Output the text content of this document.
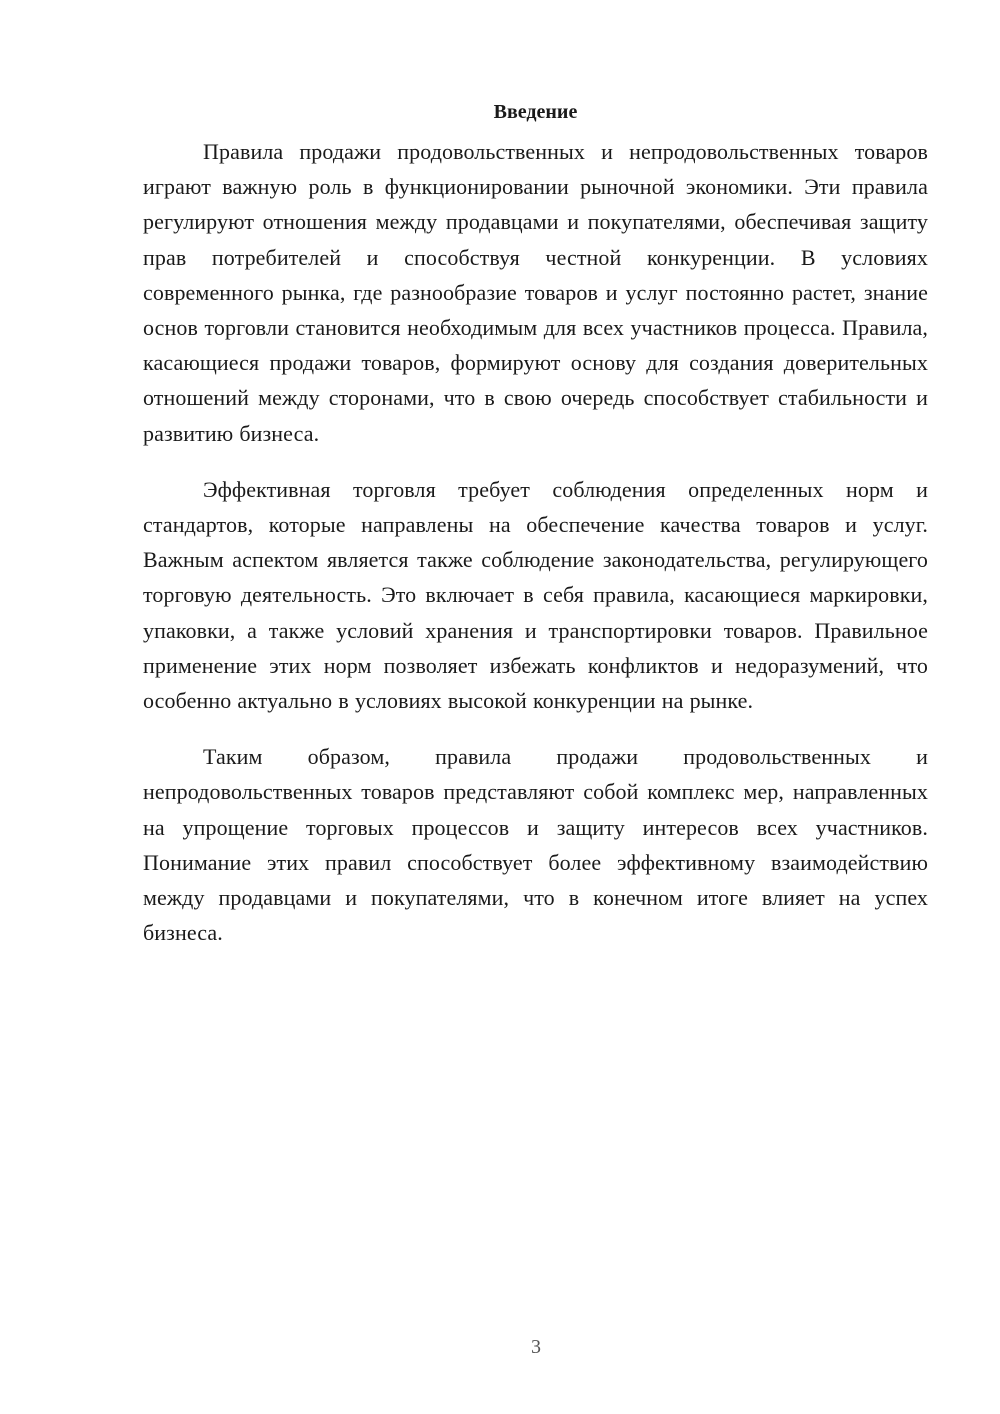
Введение

Правила продажи продовольственных и непродовольственных товаров играют важную роль в функционировании рыночной экономики. Эти правила регулируют отношения между продавцами и покупателями, обеспечивая защиту прав потребителей и способствуя честной конкуренции. В условиях современного рынка, где разнообразие товаров и услуг постоянно растет, знание основ торговли становится необходимым для всех участников процесса. Правила, касающиеся продажи товаров, формируют основу для создания доверительных отношений между сторонами, что в свою очередь способствует стабильности и развитию бизнеса.

Эффективная торговля требует соблюдения определенных норм и стандартов, которые направлены на обеспечение качества товаров и услуг. Важным аспектом является также соблюдение законодательства, регулирующего торговую деятельность. Это включает в себя правила, касающиеся маркировки, упаковки, а также условий хранения и транспортировки товаров. Правильное применение этих норм позволяет избежать конфликтов и недоразумений, что особенно актуально в условиях высокой конкуренции на рынке.

Таким образом, правила продажи продовольственных и непродовольственных товаров представляют собой комплекс мер, направленных на упрощение торговых процессов и защиту интересов всех участников. Понимание этих правил способствует более эффективному взаимодействию между продавцами и покупателями, что в конечном итоге влияет на успех бизнеса.

3
